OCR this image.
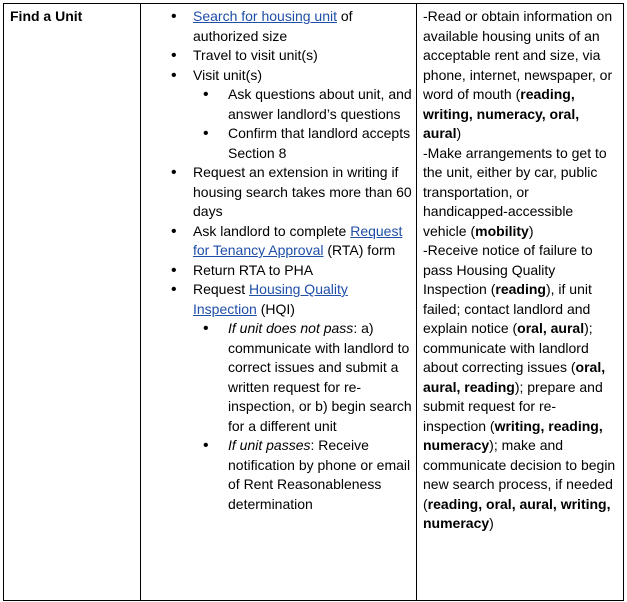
Find a Unit
•	Search for housing unit of authorized size
• Travel to visit unit(s)
• Visit unit(s)
• Ask questions about unit, and answer landlord’s questions
• Confirm that landlord accepts Section 8
• Request an extension in writing if housing search takes more than 60 days
• Ask landlord to complete Request for Tenancy Approval (RTA) form
• Return RTA to PHA
• Request Housing Quality Inspection (HQI)
• If unit does not pass: a) communicate with landlord to correct issues and submit a written request for re-inspection, or b) begin search for a different unit
• If unit passes: Receive notification by phone or email of Rent Reasonableness determination
-Read or obtain information on available housing units of an acceptable rent and size, via phone, internet, newspaper, or word of mouth (reading, writing, numeracy, oral, aural)
-Make arrangements to get to the unit, either by car, public transportation, or handicapped-accessible vehicle (mobility)
-Receive notice of failure to pass Housing Quality Inspection (reading), if unit failed; contact landlord and explain notice (oral, aural); communicate with landlord about correcting issues (oral, aural, reading); prepare and submit request for re-inspection (writing, reading, numeracy); make and communicate decision to begin new search process, if needed (reading, oral, aural, writing, numeracy)
